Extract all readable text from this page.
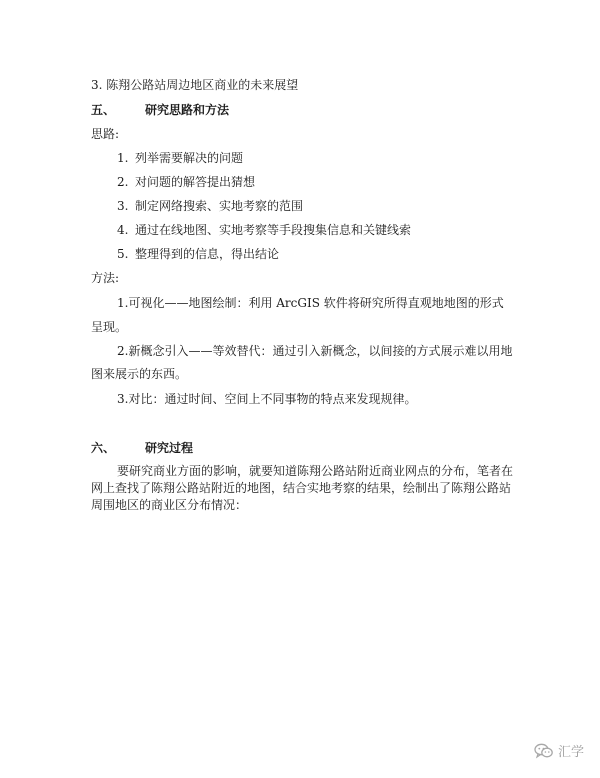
3. 陈翔公路站周边地区商业的未来展望
五、 研究思路和方法
思路:
1. 列举需要解决的问题
2. 对问题的解答提出猜想
3. 制定网络搜索、实地考察的范围
4. 通过在线地图、实地考察等手段搜集信息和关键线索
5. 整理得到的信息，得出结论
方法:
1.可视化——地图绘制：利用 ArcGIS 软件将研究所得直观地地图的形式
呈现。
2.新概念引入——等效替代：通过引入新概念，以间接的方式展示难以用地
图来展示的东西。
3.对比：通过时间、空间上不同事物的特点来发现规律。
六、 研究过程
要研究商业方面的影响，就要知道陈翔公路站附近商业网点的分布，笔者在
网上查找了陈翔公路站附近的地图，结合实地考察的结果，绘制出了陈翔公路站
周围地区的商业区分布情况：
汇学
